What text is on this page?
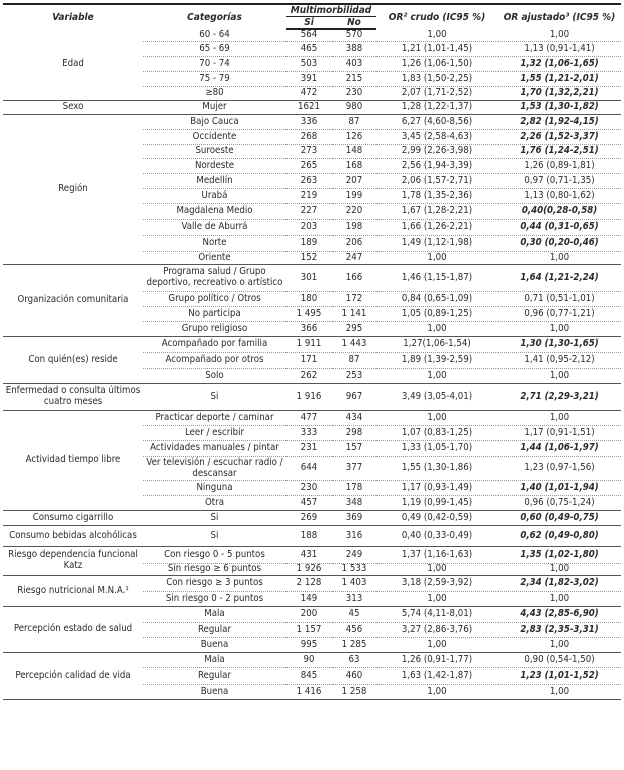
Variable	Categorías	Multimorbilidad		OR² crudo (IC95 %)	OR ajustado³ (IC95 %)
		Si	No		
Edad	60 - 64	564	570	1,00	1,00
	65 - 69	465	388	1,21 (1,01-1,45)	1,13 (0,91-1,41)
	70 - 74	503	403	1,26 (1,06-1,50)	1,32 (1,06-1,65)
	75 - 79	391	215	1,83 (1,50-2,25)	1,55 (1,21-2,01)
	≥80	472	230	2,07 (1,71-2,52)	1,70 (1,32,2,21)
Sexo	Mujer	1621	980	1,28 (1,22-1,37)	1,53 (1,30-1,82)
Región	Bajo Cauca	336	87	6,27 (4,60-8,56)	2,82 (1,92-4,15)
	Occidente	268	126	3,45 (2,58-4,63)	2,26 (1,52-3,37)
	Suroeste	273	148	2,99 (2,26-3,98)	1,76 (1,24-2,51)
	Nordeste	265	168	2,56 (1,94-3,39)	1,26 (0,89-1,81)
	Medellín	263	207	2,06 (1,57-2,71)	0,97 (0,71-1,35)
	Urabá	219	199	1,78 (1,35-2,36)	1,13 (0,80-1,62)
	Magdalena Medio	227	220	1,67 (1,28-2,21)	0,40(0,28-0,58)
	Valle de Aburrá	203	198	1,66 (1,26-2,21)	0,44 (0,31-0,65)
	Norte	189	206	1,49 (1,12-1,98)	0,30 (0,20-0,46)
	Oriente	152	247	1,00	1,00
Organización comunitaria	Programa salud / Grupo deportivo, recreativo o artístico	301	166	1,46 (1,15-1,87)	1,64 (1,21-2,24)
	Grupo político / Otros	180	172	0,84 (0,65-1,09)	0,71 (0,51-1,01)
	No participa	1 495	1 141	1,05 (0,89-1,25)	0,96 (0,77-1,21)
	Grupo religioso	366	295	1,00	1,00
Con quién(es) reside	Acompañado por familia	1 911	1 443	1,27(1,06-1,54)	1,30 (1,30-1,65)
	Acompañado por otros	171	87	1,89 (1,39-2,59)	1,41 (0,95-2,12)
	Solo	262	253	1,00	1,00
Enfermedad o consulta últimos cuatro meses	Si	1 916	967	3,49 (3,05-4,01)	2,71 (2,29-3,21)
Actividad tiempo libre	Practicar deporte / caminar	477	434	1,00	1,00
	Leer / escribir	333	298	1,07 (0,83-1,25)	1,17 (0,91-1,51)
	Actividades manuales / pintar	231	157	1,33 (1,05-1,70)	1,44 (1,06-1,97)
	Ver televisión / escuchar radio / descansar	644	377	1,55 (1,30-1,86)	1,23 (0,97-1,56)
	Ninguna	230	178	1,17 (0,93-1,49)	1,40 (1,01-1,94)
	Otra	457	348	1,19 (0,99-1,45)	0,96 (0,75-1,24)
Consumo cigarrillo	Si	269	369	0,49 (0,42-0,59)	0,60 (0,49-0,75)
Consumo bebidas alcohólicas	Si	188	316	0,40 (0,33-0,49)	0,62 (0,49-0,80)
Riesgo dependencia funcional Katz	Con riesgo 0 - 5 puntos	431	249	1,37 (1,16-1,63)	1,35 (1,02-1,80)
	Sin riesgo ≥ 6 puntos	1 926	1 533	1,00	1,00
Riesgo nutricional M.N.A.¹	Con riesgo ≥ 3 puntos	2 128	1 403	3,18 (2,59-3,92)	2,34 (1,82-3,02)
	Sin riesgo 0 - 2 puntos	149	313	1,00	1,00
Percepción estado de salud	Mala	200	45	5,74 (4,11-8,01)	4,43 (2,85-6,90)
	Regular	1 157	456	3,27 (2,86-3,76)	2,83 (2,35-3,31)
	Buena	995	1 285	1,00	1,00
Percepción calidad de vida	Mala	90	63	1,26 (0,91-1,77)	0,90 (0,54-1,50)
	Regular	845	460	1,63 (1,42-1,87)	1,23 (1,01-1,52)
	Buena	1 416	1 258	1,00	1,00
